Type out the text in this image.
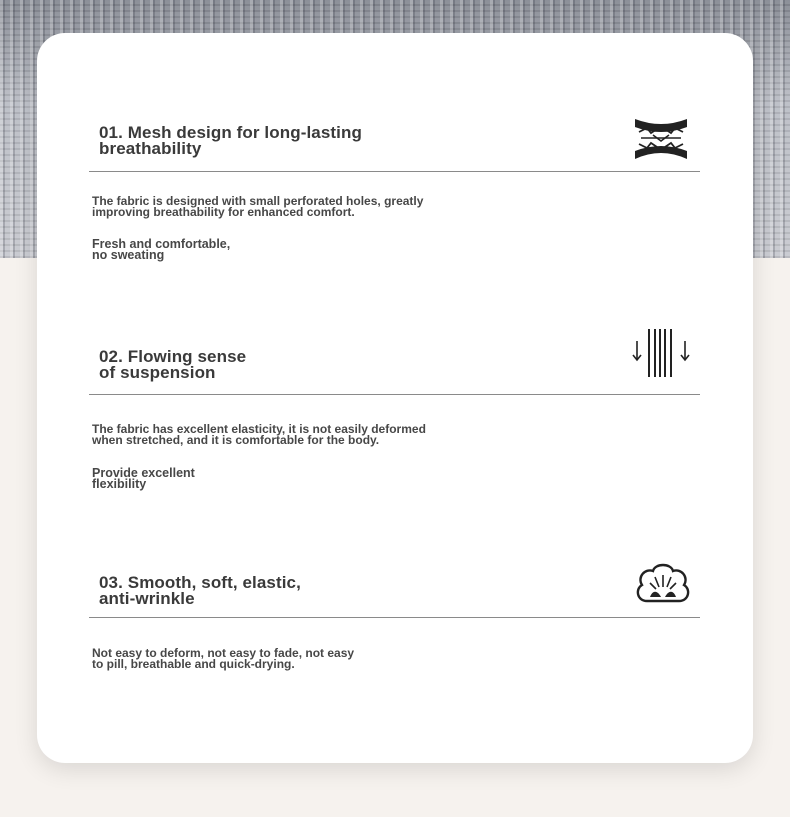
01. Mesh design for long-lasting
breathability

The fabric is designed with small perforated holes, greatly
improving breathability for enhanced comfort.

Fresh and comfortable,
no sweating

02. Flowing sense
of suspension

The fabric has excellent elasticity, it is not easily deformed
when stretched, and it is comfortable for the body.

Provide excellent
flexibility

03. Smooth, soft, elastic,
anti-wrinkle

Not easy to deform, not easy to fade, not easy
to pill, breathable and quick-drying.
